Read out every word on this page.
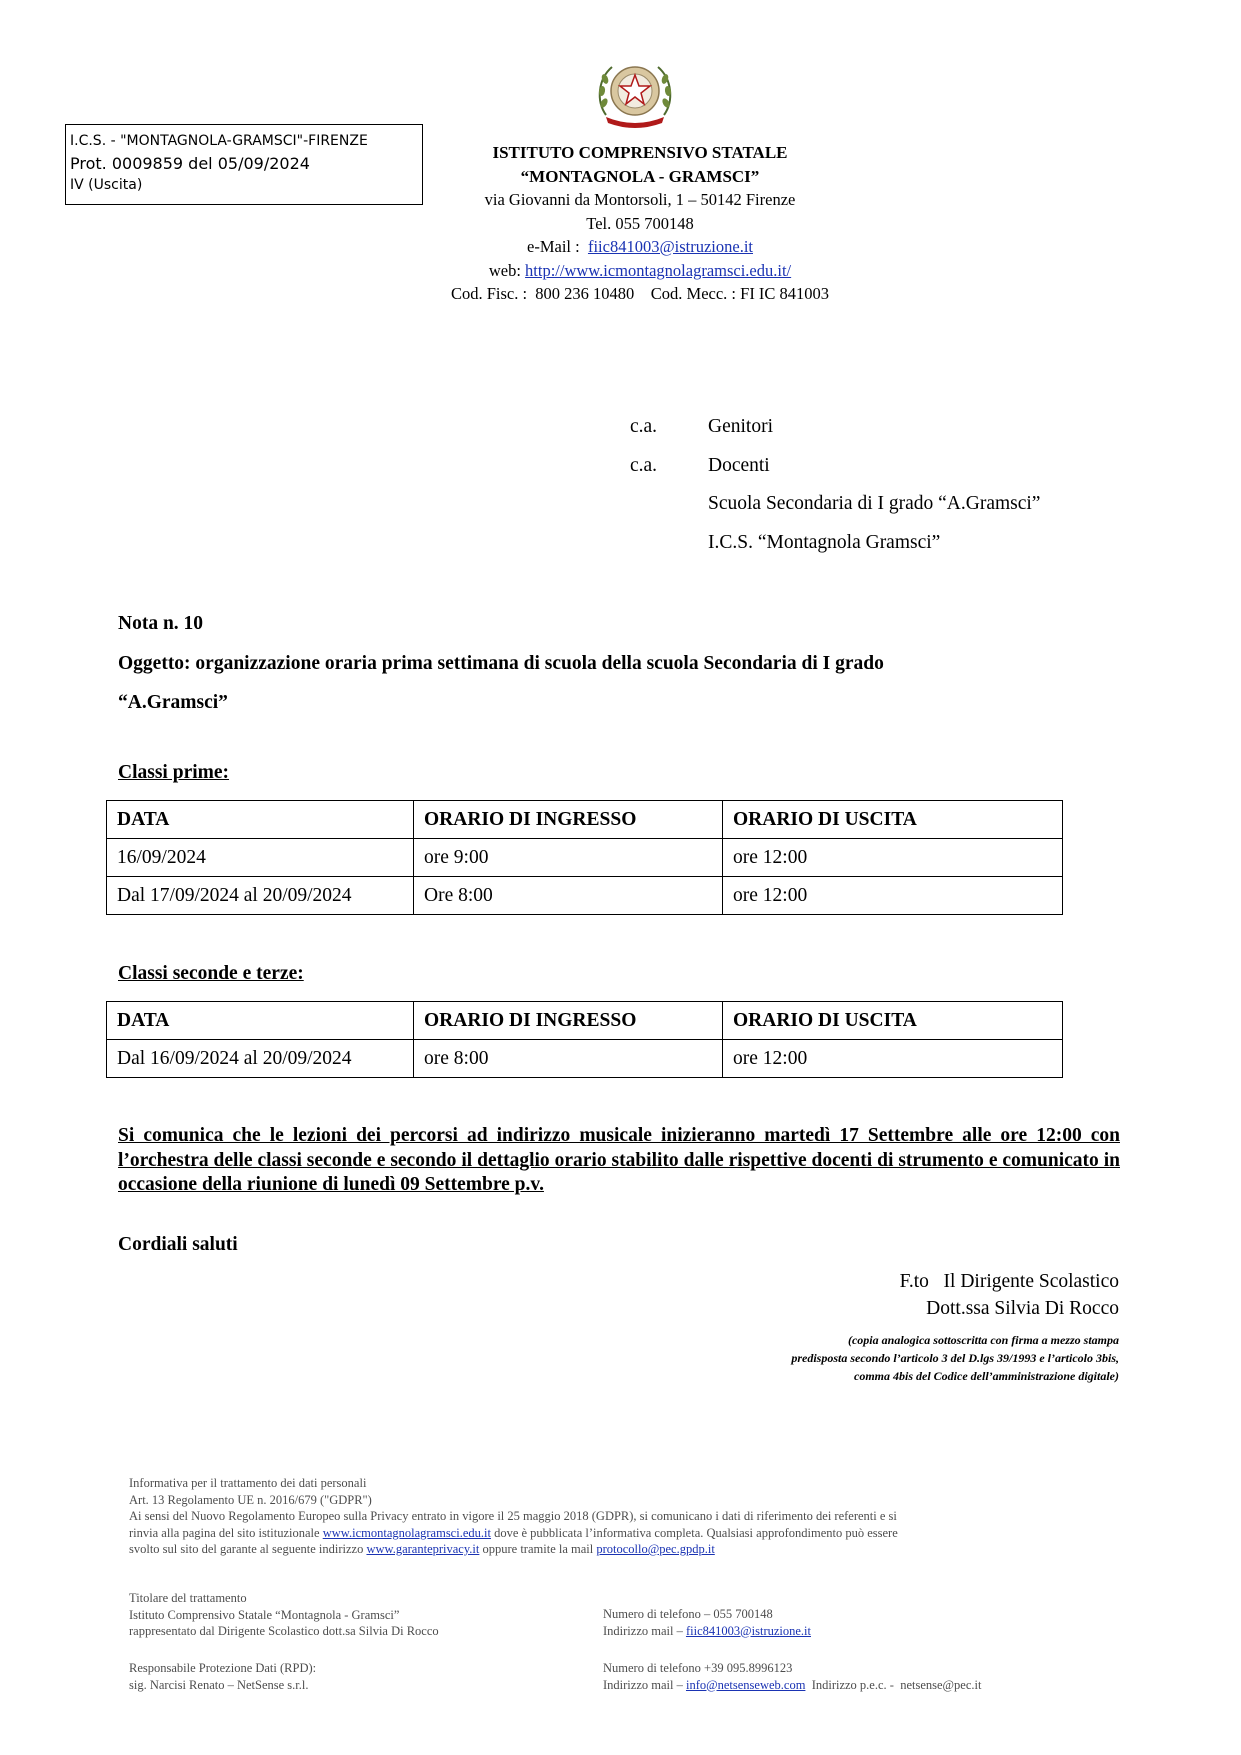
I.C.S. - "MONTAGNOLA-GRAMSCI"-FIRENZE
Prot. 0009859 del 05/09/2024
IV (Uscita)
ISTITUTO COMPRENSIVO STATALE
“MONTAGNOLA - GRAMSCI”
via Giovanni da Montorsoli, 1 – 50142 Firenze
Tel. 055 700148
e-Mail : fiic841003@istruzione.it
web: http://www.icmontagnolagramsci.edu.it/
Cod. Fisc. :  800 236 10480    Cod. Mecc. : FI IC 841003
c.a.	Genitori
c.a.	Docenti
Scuola Secondaria di I grado “A.Gramsci”
I.C.S. “Montagnola Gramsci”
Nota n. 10
Oggetto: organizzazione oraria prima settimana di scuola della scuola Secondaria di I grado
“A.Gramsci”
Classi prime:
DATA	ORARIO DI INGRESSO	ORARIO DI USCITA
16/09/2024	ore 9:00	ore 12:00
Dal 17/09/2024 al 20/09/2024	Ore 8:00	ore 12:00
Classi seconde e terze:
DATA	ORARIO DI INGRESSO	ORARIO DI USCITA
Dal 16/09/2024 al 20/09/2024	ore 8:00	ore 12:00
Si comunica che le lezioni dei percorsi ad indirizzo musicale inizieranno martedì 17 Settembre alle ore 12:00 con l’orchestra delle classi seconde e secondo il dettaglio orario stabilito dalle rispettive docenti di strumento e comunicato in occasione della riunione di lunedì 09 Settembre p.v.
Cordiali saluti
F.to   Il Dirigente Scolastico
Dott.ssa Silvia Di Rocco
(copia analogica sottoscritta con firma a mezzo stampa
predisposta secondo l’articolo 3 del D.lgs 39/1993 e l’articolo 3bis,
comma 4bis del Codice dell’amministrazione digitale)
Informativa per il trattamento dei dati personali
Art. 13 Regolamento UE n. 2016/679 ("GDPR")
Ai sensi del Nuovo Regolamento Europeo sulla Privacy entrato in vigore il 25 maggio 2018 (GDPR), si comunicano i dati di riferimento dei referenti e si
rinvia alla pagina del sito istituzionale www.icmontagnolagramsci.edu.it dove è pubblicata l’informativa completa. Qualsiasi approfondimento può essere
svolto sul sito del garante al seguente indirizzo www.garanteprivacy.it oppure tramite la mail protocollo@pec.gpdp.it
Titolare del trattamento
Istituto Comprensivo Statale “Montagnola - Gramsci”
rappresentato dal Dirigente Scolastico dott.sa Silvia Di Rocco
Numero di telefono – 055 700148
Indirizzo mail – fiic841003@istruzione.it
Responsabile Protezione Dati (RPD):
sig. Narcisi Renato – NetSense s.r.l.
Numero di telefono +39 095.8996123
Indirizzo mail – info@netsenseweb.com  Indirizzo p.e.c. -  netsense@pec.it
